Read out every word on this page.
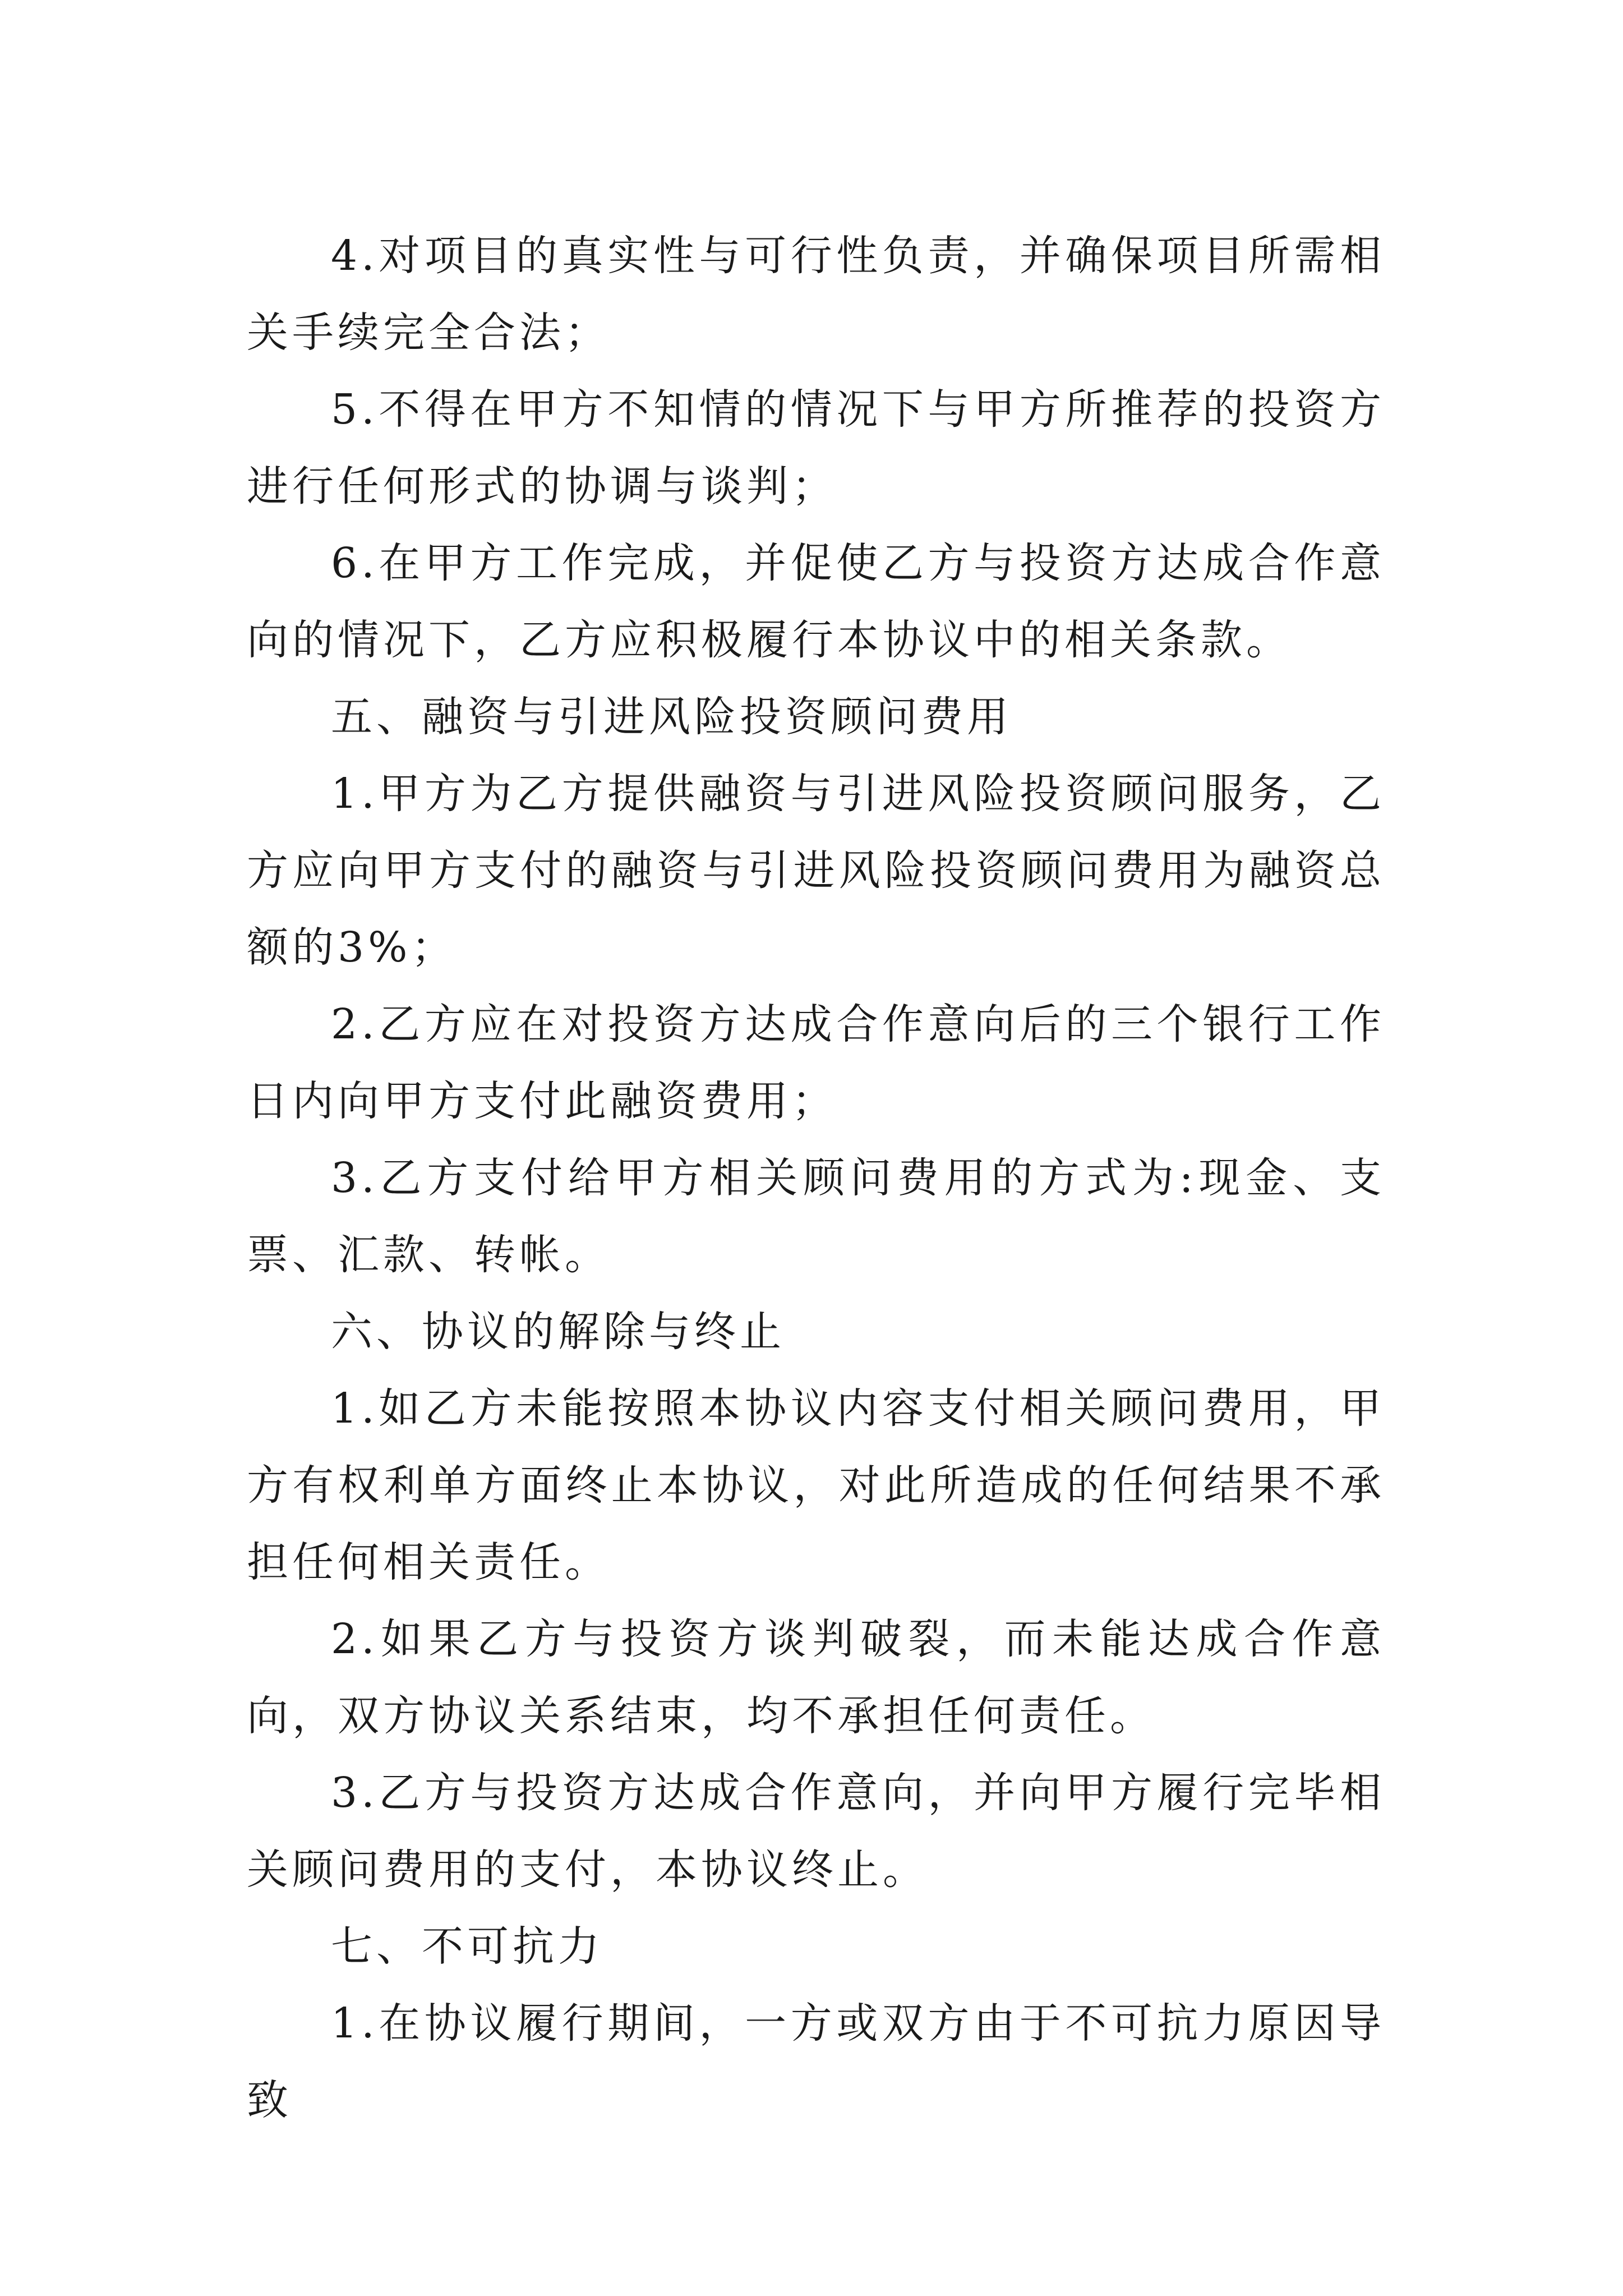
4.对项目的真实性与可行性负责，并确保项目所需相关手续完全合法；

5.不得在甲方不知情的情况下与甲方所推荐的投资方进行任何形式的协调与谈判；

6.在甲方工作完成，并促使乙方与投资方达成合作意向的情况下，乙方应积极履行本协议中的相关条款。

五、融资与引进风险投资顾问费用

1.甲方为乙方提供融资与引进风险投资顾问服务，乙方应向甲方支付的融资与引进风险投资顾问费用为融资总额的3%；

2.乙方应在对投资方达成合作意向后的三个银行工作日内向甲方支付此融资费用；

3.乙方支付给甲方相关顾问费用的方式为:现金、支票、汇款、转帐。

六、协议的解除与终止

1.如乙方未能按照本协议内容支付相关顾问费用，甲方有权利单方面终止本协议，对此所造成的任何结果不承担任何相关责任。

2.如果乙方与投资方谈判破裂，而未能达成合作意向，双方协议关系结束，均不承担任何责任。

3.乙方与投资方达成合作意向，并向甲方履行完毕相关顾问费用的支付，本协议终止。

七、不可抗力

1.在协议履行期间，一方或双方由于不可抗力原因导致
